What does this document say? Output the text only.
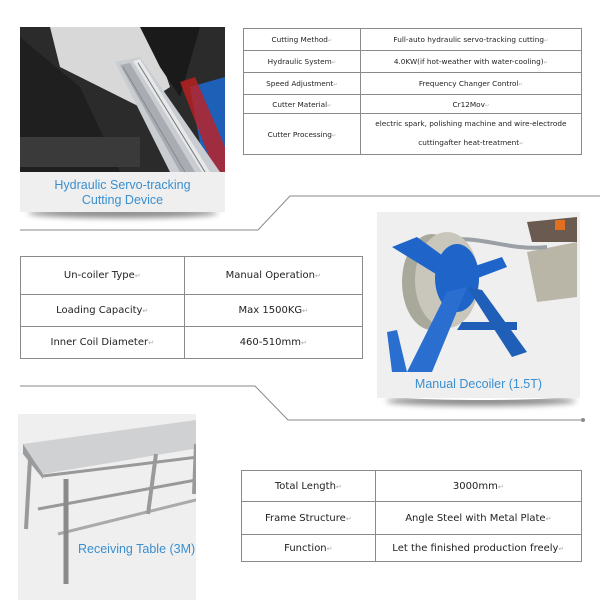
Hydraulic Servo-tracking
Cutting Device
Cutting Method↵	Full-auto hydraulic servo-tracking cutting↵
Hydraulic System↵	4.0KW(if hot-weather with water-cooling)↵
Speed Adjustment↵	Frequency Changer Control↵
Cutter Material↵	Cr12Mov↵
Cutter Processing↵	electric spark, polishing machine and wire-electrode
cuttingafter heat-treatment↵
Un-coiler Type↵	Manual Operation↵
Loading Capacity↵	Max 1500KG↵
Inner Coil Diameter↵	460-510mm↵
Manual Decoiler (1.5T)
Receiving Table (3M)
Total Length↵	3000mm↵
Frame Structure↵	Angle Steel with Metal Plate↵
Function↵	Let the finished production freely↵
